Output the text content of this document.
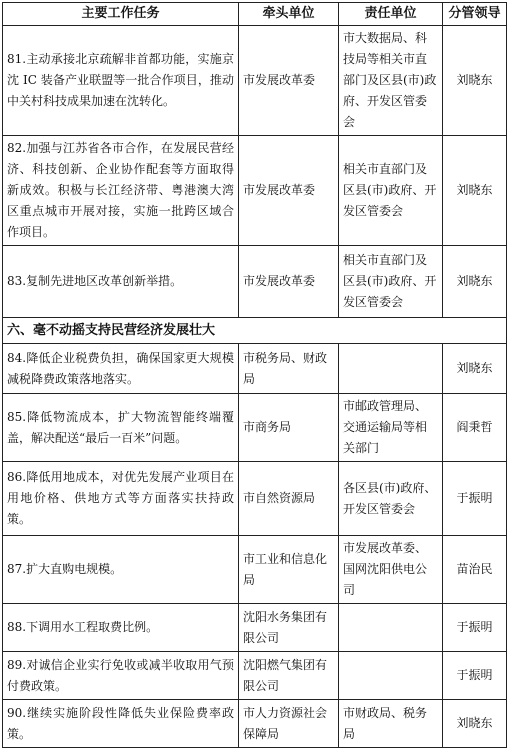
主要工作任务	牵头单位	责任单位	分管领导
81.主动承接北京疏解非首都功能，实施京沈 IC 装备产业联盟等一批合作项目，推动中关村科技成果加速在沈转化。	市发展改革委	市大数据局、科技局等相关市直部门及区县(市)政府、开发区管委会	刘晓东
82.加强与江苏省各市合作，在发展民营经济、科技创新、企业协作配套等方面取得新成效。积极与长江经济带、粤港澳大湾区重点城市开展对接，实施一批跨区域合作项目。	市发展改革委	相关市直部门及区县(市)政府、开发区管委会	刘晓东
83.复制先进地区改革创新举措。	市发展改革委	相关市直部门及区县(市)政府、开发区管委会	刘晓东
六、毫不动摇支持民营经济发展壮大			
84.降低企业税费负担，确保国家更大规模减税降费政策落地落实。	市税务局、财政局		刘晓东
85.降低物流成本，扩大物流智能终端覆盖，解决配送“最后一百米”问题。	市商务局	市邮政管理局、交通运输局等相关部门	阎秉哲
86.降低用地成本，对优先发展产业项目在用地价格、供地方式等方面落实扶持政策。	市自然资源局	各区县(市)政府、开发区管委会	于振明
87.扩大直购电规模。	市工业和信息化局	市发展改革委、国网沈阳供电公司	苗治民
88.下调用水工程取费比例。	沈阳水务集团有限公司		于振明
89.对诚信企业实行免收或减半收取用气预付费政策。	沈阳燃气集团有限公司		于振明
90.继续实施阶段性降低失业保险费率政策。	市人力资源社会保障局	市财政局、税务局	刘晓东
